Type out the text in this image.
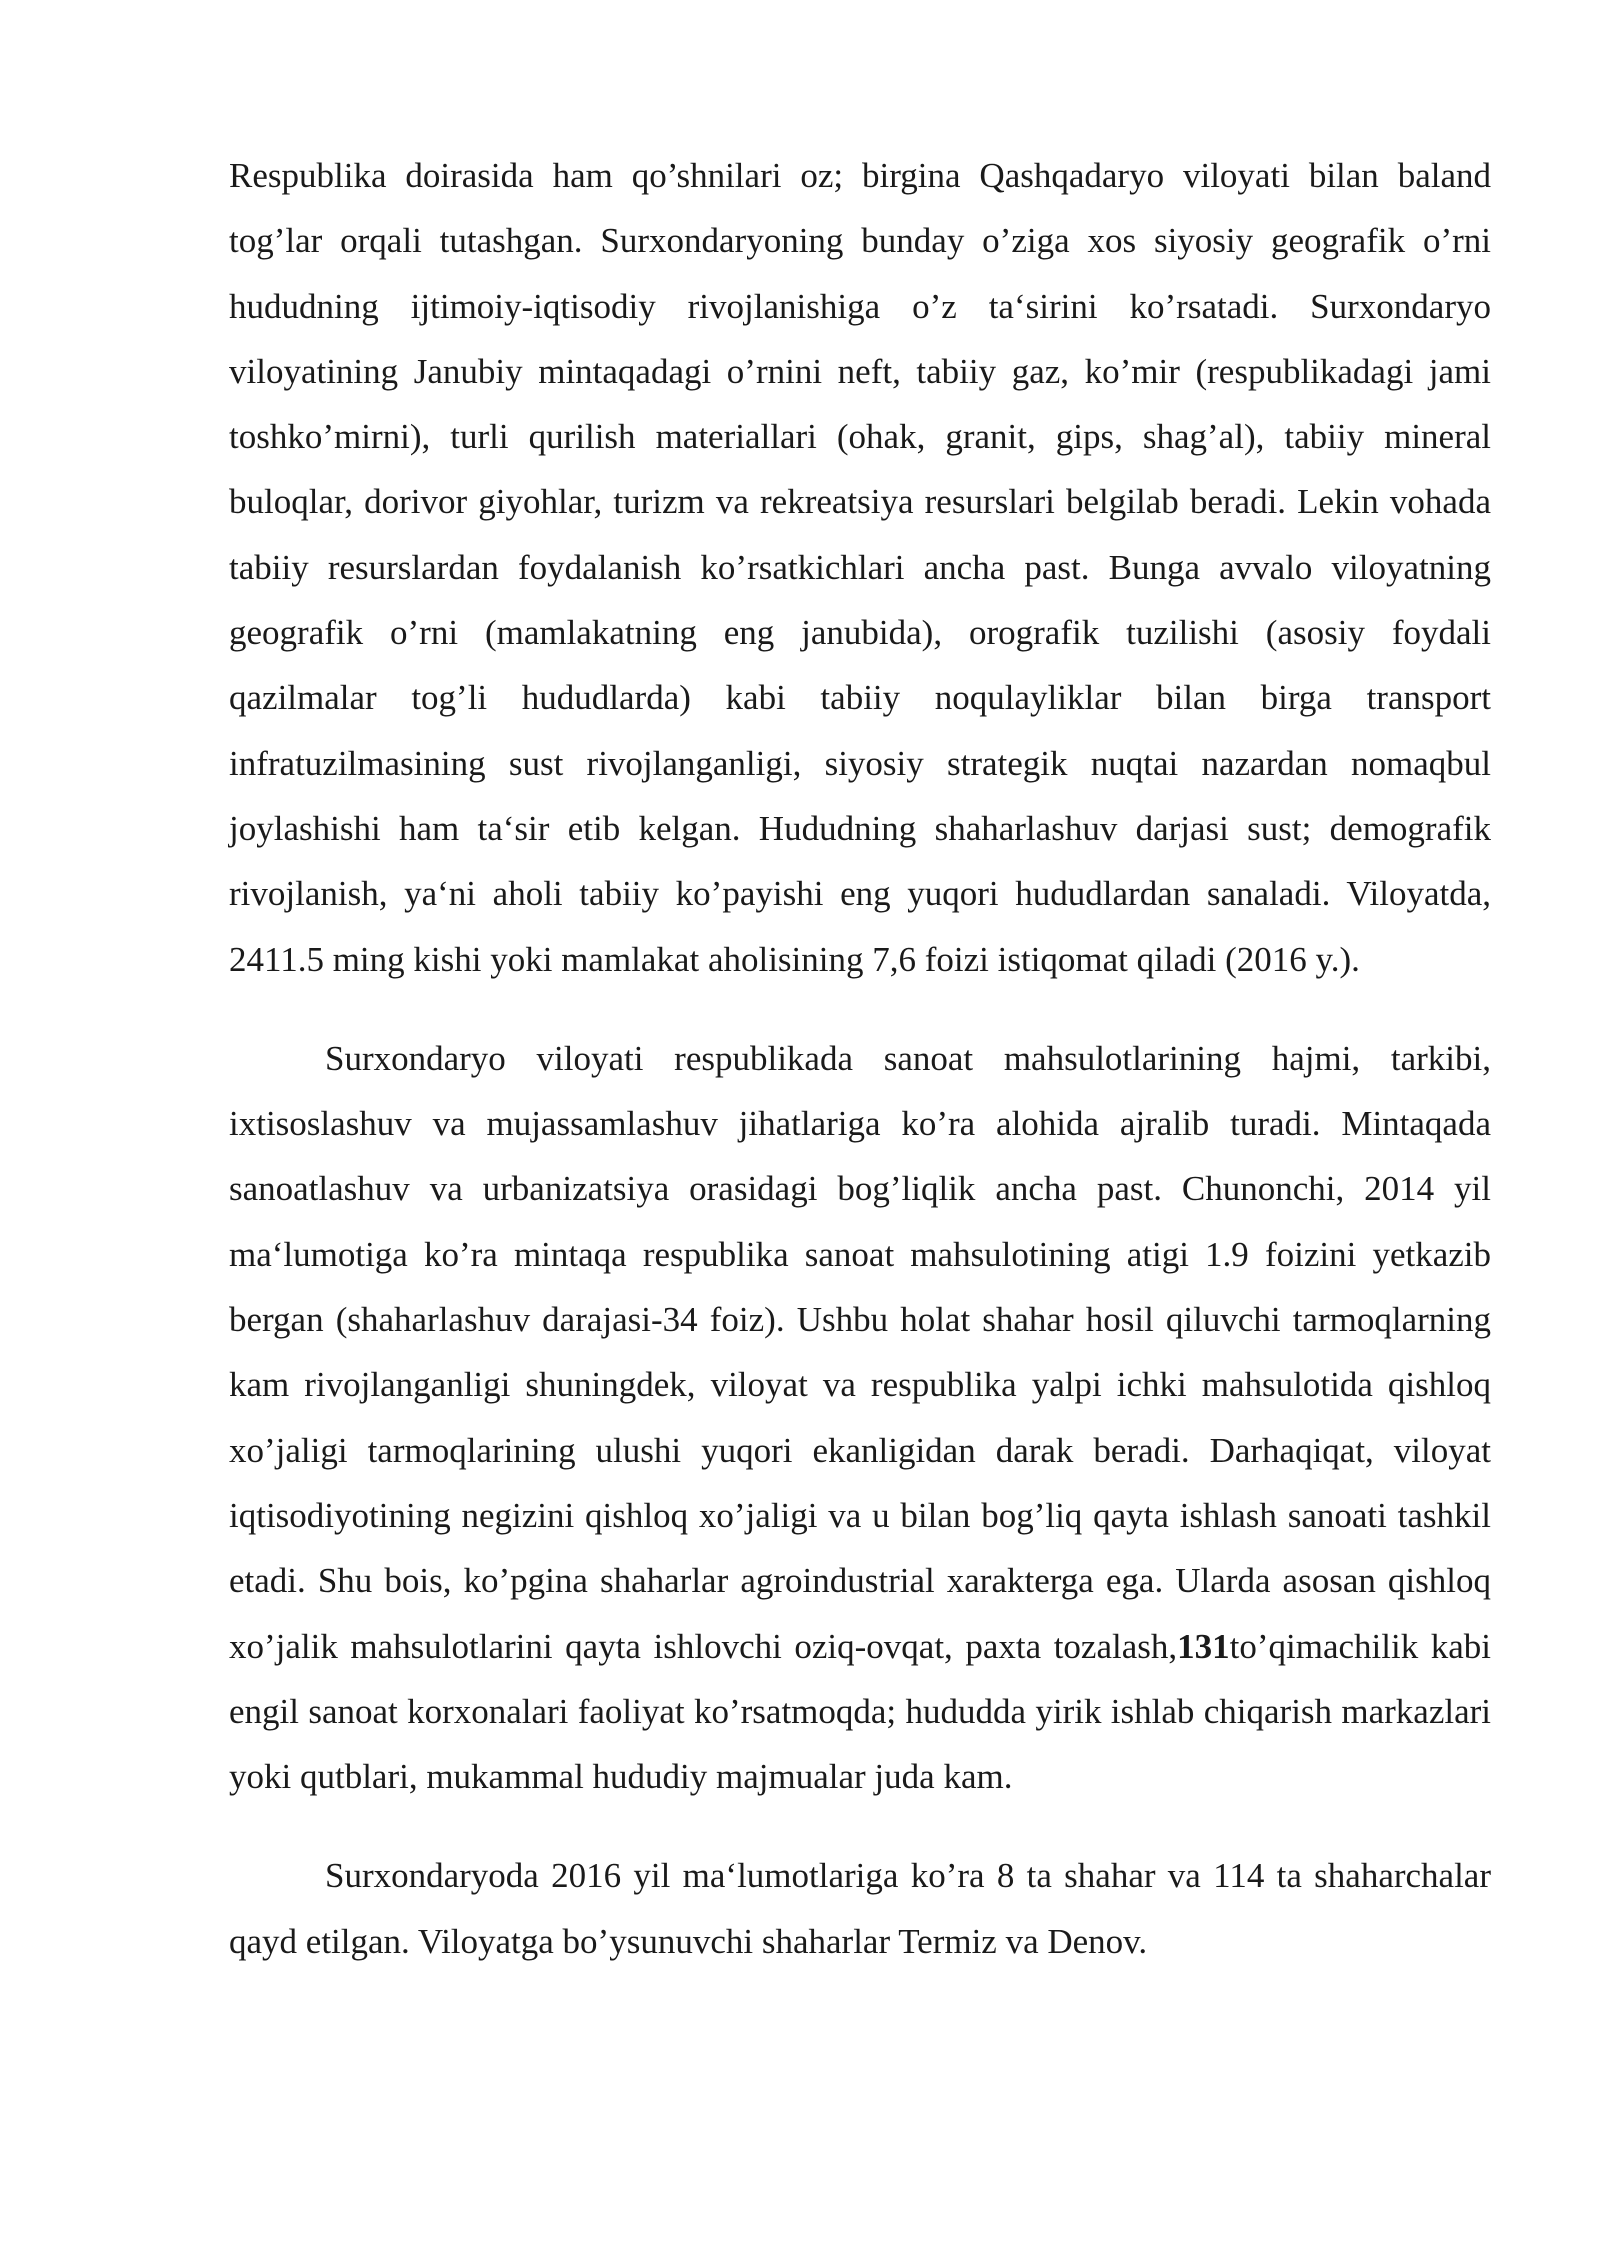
Respublika doirasida ham qo’shnilari oz; birgina Qashqadaryo viloyati bilan baland tog’lar orqali tutashgan. Surxondaryoning bunday o’ziga xos siyosiy geografik o’rni hududning ijtimoiy-iqtisodiy rivojlanishiga o’z ta‘sirini ko’rsatadi. Surxondaryo viloyatining Janubiy mintaqadagi o’rnini neft, tabiiy gaz, ko’mir (respublikadagi jami toshko’mirni), turli qurilish materiallari (ohak, granit, gips, shag’al), tabiiy mineral buloqlar, dorivor giyohlar, turizm va rekreatsiya resurslari belgilab beradi. Lekin vohada tabiiy resurslardan foydalanish ko’rsatkichlari ancha past. Bunga avvalo viloyatning geografik o’rni (mamlakatning eng janubida), orografik tuzilishi (asosiy foydali qazilmalar tog’li hududlarda) kabi tabiiy noqulayliklar bilan birga transport infratuzilmasining sust rivojlanganligi, siyosiy strategik nuqtai nazardan nomaqbul joylashishi ham ta‘sir etib kelgan. Hududning shaharlashuv darjasi sust; demografik rivojlanish, ya‘ni aholi tabiiy ko’payishi eng yuqori hududlardan sanaladi. Viloyatda, 2411.5 ming kishi yoki mamlakat aholisining 7,6 foizi istiqomat qiladi (2016 y.).

Surxondaryo viloyati respublikada sanoat mahsulotlarining hajmi, tarkibi, ixtisoslashuv va mujassamlashuv jihatlariga ko’ra alohida ajralib turadi. Mintaqada sanoatlashuv va urbanizatsiya orasidagi bog’liqlik ancha past. Chunonchi, 2014 yil ma‘lumotiga ko’ra mintaqa respublika sanoat mahsulotining atigi 1.9 foizini yetkazib bergan (shaharlashuv darajasi-34 foiz). Ushbu holat shahar hosil qiluvchi tarmoqlarning kam rivojlanganligi shuningdek, viloyat va respublika yalpi ichki mahsulotida qishloq xo’jaligi tarmoqlarining ulushi yuqori ekanligidan darak beradi. Darhaqiqat, viloyat iqtisodiyotining negizini qishloq xo’jaligi va u bilan bog’liq qayta ishlash sanoati tashkil etadi. Shu bois, ko’pgina shaharlar agroindustrial xarakterga ega. Ularda asosan qishloq xo’jalik mahsulotlarini qayta ishlovchi oziq-ovqat, paxta tozalash,131to’qimachilik kabi engil sanoat korxonalari faoliyat ko’rsatmoqda; hududda yirik ishlab chiqarish markazlari yoki qutblari, mukammal hududiy majmualar juda kam.

Surxondaryoda 2016 yil ma‘lumotlariga ko’ra 8 ta shahar va 114 ta shaharchalar qayd etilgan. Viloyatga bo’ysunuvchi shaharlar Termiz va Denov.
